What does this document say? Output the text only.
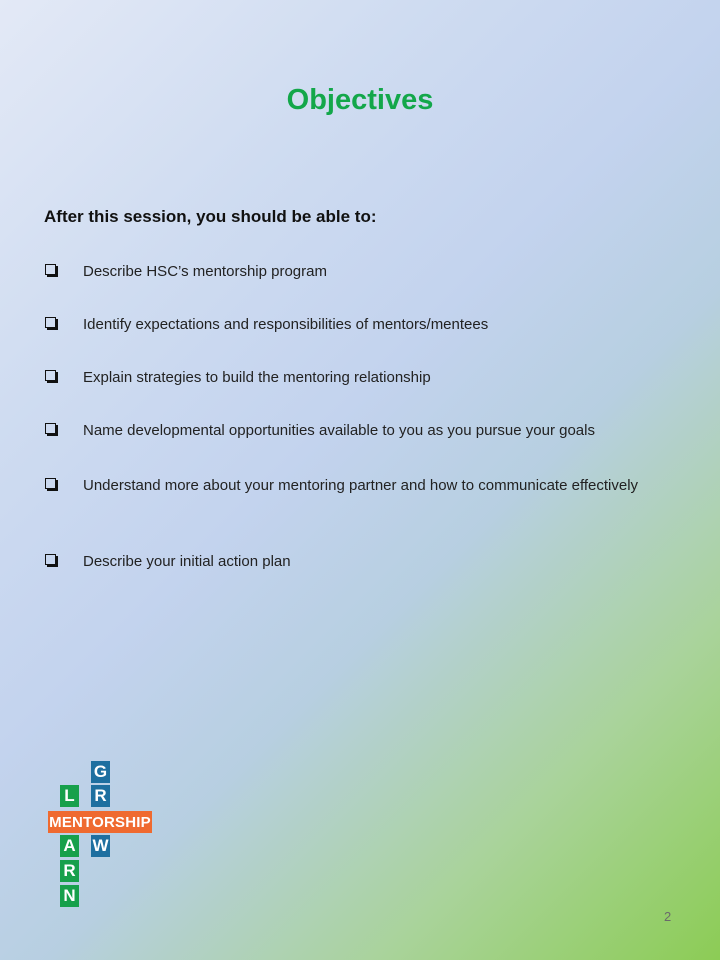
Objectives
After this session, you should be able to:
Describe HSC’s mentorship program
Identify expectations and responsibilities of mentors/mentees
Explain strategies to build the mentoring relationship
Name developmental opportunities available to you as you pursue your goals
Understand more about your mentoring partner and how to communicate effectively
Describe your initial action plan
G
R
W
L
A
R
N
MENTORSHIP
2
